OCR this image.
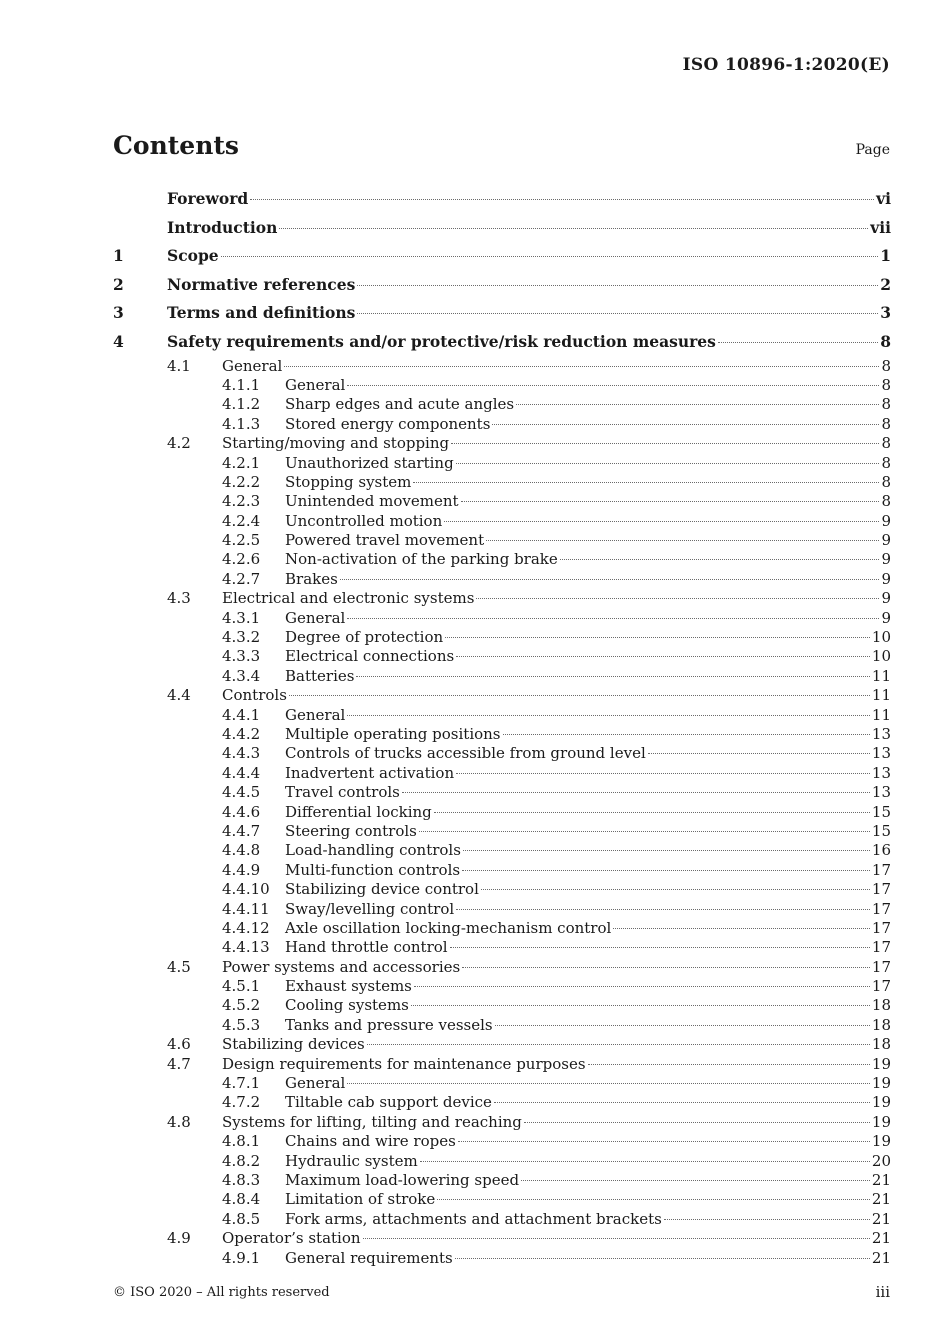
ISO 10896-1:2020(E)
Contents	Page
Foreword	vi
Introduction	vii
1	Scope	1
2	Normative references	2
3	Terms and definitions	3
4	Safety requirements and/or protective/risk reduction measures	8
4.1	General	8
4.1.1	General	8
4.1.2	Sharp edges and acute angles	8
4.1.3	Stored energy components	8
4.2	Starting/moving and stopping	8
4.2.1	Unauthorized starting	8
4.2.2	Stopping system	8
4.2.3	Unintended movement	8
4.2.4	Uncontrolled motion	9
4.2.5	Powered travel movement	9
4.2.6	Non-activation of the parking brake	9
4.2.7	Brakes	9
4.3	Electrical and electronic systems	9
4.3.1	General	9
4.3.2	Degree of protection	10
4.3.3	Electrical connections	10
4.3.4	Batteries	11
4.4	Controls	11
4.4.1	General	11
4.4.2	Multiple operating positions	13
4.4.3	Controls of trucks accessible from ground level	13
4.4.4	Inadvertent activation	13
4.4.5	Travel controls	13
4.4.6	Differential locking	15
4.4.7	Steering controls	15
4.4.8	Load-handling controls	16
4.4.9	Multi-function controls	17
4.4.10	Stabilizing device control	17
4.4.11	Sway/levelling control	17
4.4.12	Axle oscillation locking-mechanism control	17
4.4.13	Hand throttle control	17
4.5	Power systems and accessories	17
4.5.1	Exhaust systems	17
4.5.2	Cooling systems	18
4.5.3	Tanks and pressure vessels	18
4.6	Stabilizing devices	18
4.7	Design requirements for maintenance purposes	19
4.7.1	General	19
4.7.2	Tiltable cab support device	19
4.8	Systems for lifting, tilting and reaching	19
4.8.1	Chains and wire ropes	19
4.8.2	Hydraulic system	20
4.8.3	Maximum load-lowering speed	21
4.8.4	Limitation of stroke	21
4.8.5	Fork arms, attachments and attachment brackets	21
4.9	Operator’s station	21
4.9.1	General requirements	21
© ISO 2020 – All rights reserved	iii
